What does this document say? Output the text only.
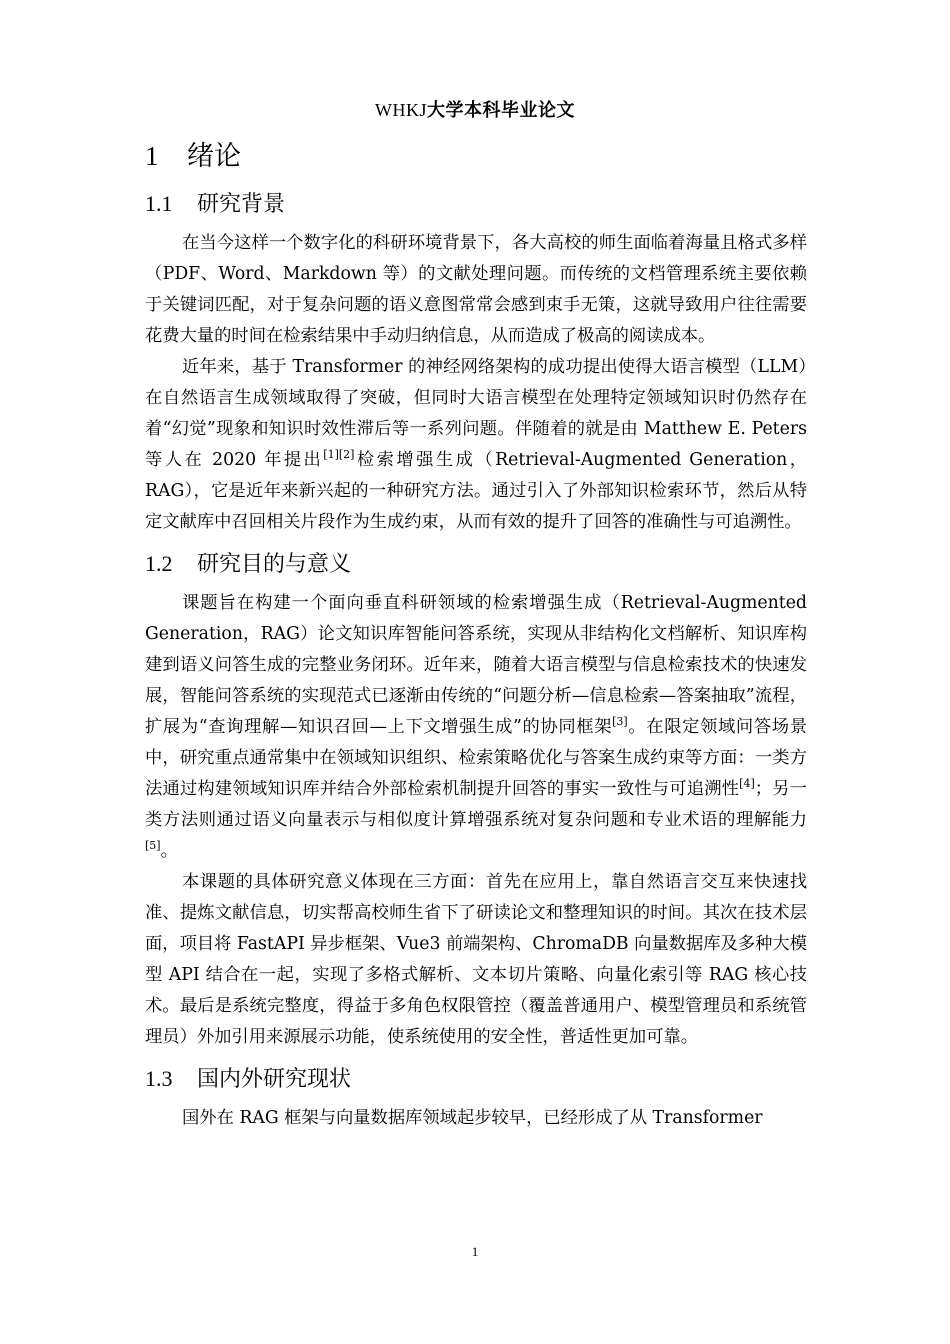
WHKJ大学本科毕业论文
1 绪论
1.1 研究背景

在当今这样一个数字化的科研环境背景下，各大高校的师生面临着海量且格式多样（PDF、Word、Markdown 等）的文献处理问题。而传统的文档管理系统主要依赖于关键词匹配，对于复杂问题的语义意图常常会感到束手无策，这就导致用户往往需要花费大量的时间在检索结果中手动归纳信息，从而造成了极高的阅读成本。

近年来，基于 Transformer 的神经网络架构的成功提出使得大语言模型（LLM）在自然语言生成领域取得了突破，但同时大语言模型在处理特定领域知识时仍然存在着“幻觉”现象和知识时效性滞后等一系列问题。伴随着的就是由 Matthew E. Peters 等人在 2020 年提出[1][2]检索增强生成（Retrieval-Augmented Generation，RAG），它是近年来新兴起的一种研究方法。通过引入了外部知识检索环节，然后从特定文献库中召回相关片段作为生成约束，从而有效的提升了回答的准确性与可追溯性。

1.2 研究目的与意义

课题旨在构建一个面向垂直科研领域的检索增强生成（Retrieval-Augmented Generation，RAG）论文知识库智能问答系统，实现从非结构化文档解析、知识库构建到语义问答生成的完整业务闭环。近年来，随着大语言模型与信息检索技术的快速发展，智能问答系统的实现范式已逐渐由传统的“问题分析—信息检索—答案抽取”流程，扩展为“查询理解—知识召回—上下文增强生成”的协同框架[3]。在限定领域问答场景中，研究重点通常集中在领域知识组织、检索策略优化与答案生成约束等方面：一类方法通过构建领域知识库并结合外部检索机制提升回答的事实一致性与可追溯性[4]；另一类方法则通过语义向量表示与相似度计算增强系统对复杂问题和专业术语的理解能力[5]。

本课题的具体研究意义体现在三方面：首先在应用上，靠自然语言交互来快速找准、提炼文献信息，切实帮高校师生省下了研读论文和整理知识的时间。其次在技术层面，项目将 FastAPI 异步框架、Vue3 前端架构、ChromaDB 向量数据库及多种大模型 API 结合在一起，实现了多格式解析、文本切片策略、向量化索引等 RAG 核心技术。最后是系统完整度，得益于多角色权限管控（覆盖普通用户、模型管理员和系统管理员）外加引用来源展示功能，使系统使用的安全性，普适性更加可靠。

1.3 国内外研究现状

国外在 RAG 框架与向量数据库领域起步较早，已经形成了从 Transformer

1
